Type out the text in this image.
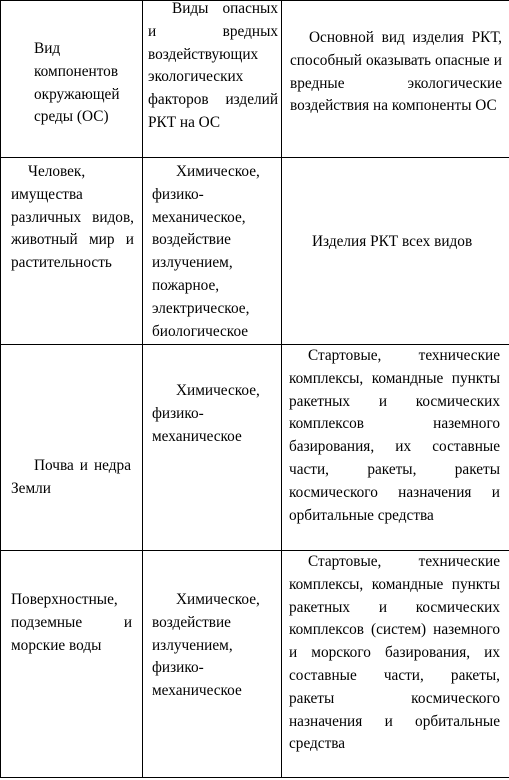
Вид компонентов окружающей среды (ОС)	Виды опасных и вредных воздействующих экологических факторов изделий РКТ на ОС	Основной вид изделия РКТ, способный оказывать опасные и вредные экологические воздействия на компоненты ОС

Человек, имущества различных видов, животный мир и растительность	Химическое, физико-механическое, воздействие излучением, пожарное, электрическое, биологическое	Изделия РКТ всех видов

Почва и недра Земли	Химическое, физико-механическое	Стартовые, технические комплексы, командные пункты ракетных и космических комплексов наземного базирования, их составные части, ракеты, ракеты космического назначения и орбитальные средства

Поверхностные, подземные и морские воды	Химическое, воздействие излучением, физико-механическое	Стартовые, технические комплексы, командные пункты ракетных и космических комплексов (систем) наземного и морского базирования, их составные части, ракеты, ракеты космического назначения и орбитальные средства
